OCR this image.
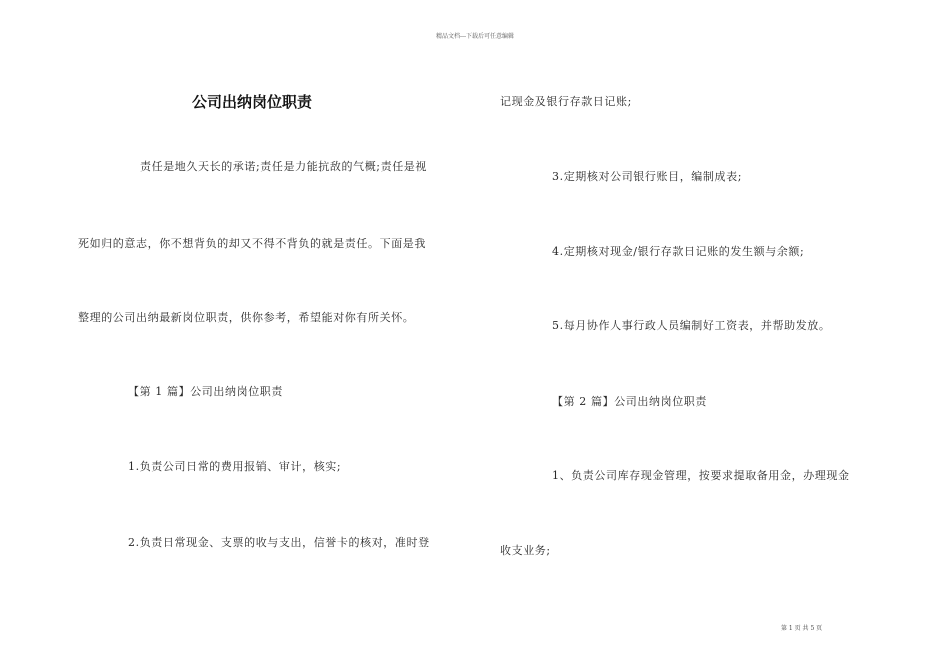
精品文档---下载后可任意编辑
公司出纳岗位职责
责任是地久天长的承诺;责任是力能抗敌的气概;责任是视
死如归的意志，你不想背负的却又不得不背负的就是责任。下面是我
整理的公司出纳最新岗位职责，供你参考，希望能对你有所关怀。
【第 1 篇】公司出纳岗位职责
1.负责公司日常的费用报销、审计，核实;
2.负责日常现金、支票的收与支出，信誉卡的核对，准时登
记现金及银行存款日记账;
3.定期核对公司银行账目，编制成表;
4.定期核对现金/银行存款日记账的发生额与余额;
5.每月协作人事行政人员编制好工资表，并帮助发放。
【第 2 篇】公司出纳岗位职责
1、负责公司库存现金管理，按要求提取备用金，办理现金
收支业务;
第 1 页 共 5 页
